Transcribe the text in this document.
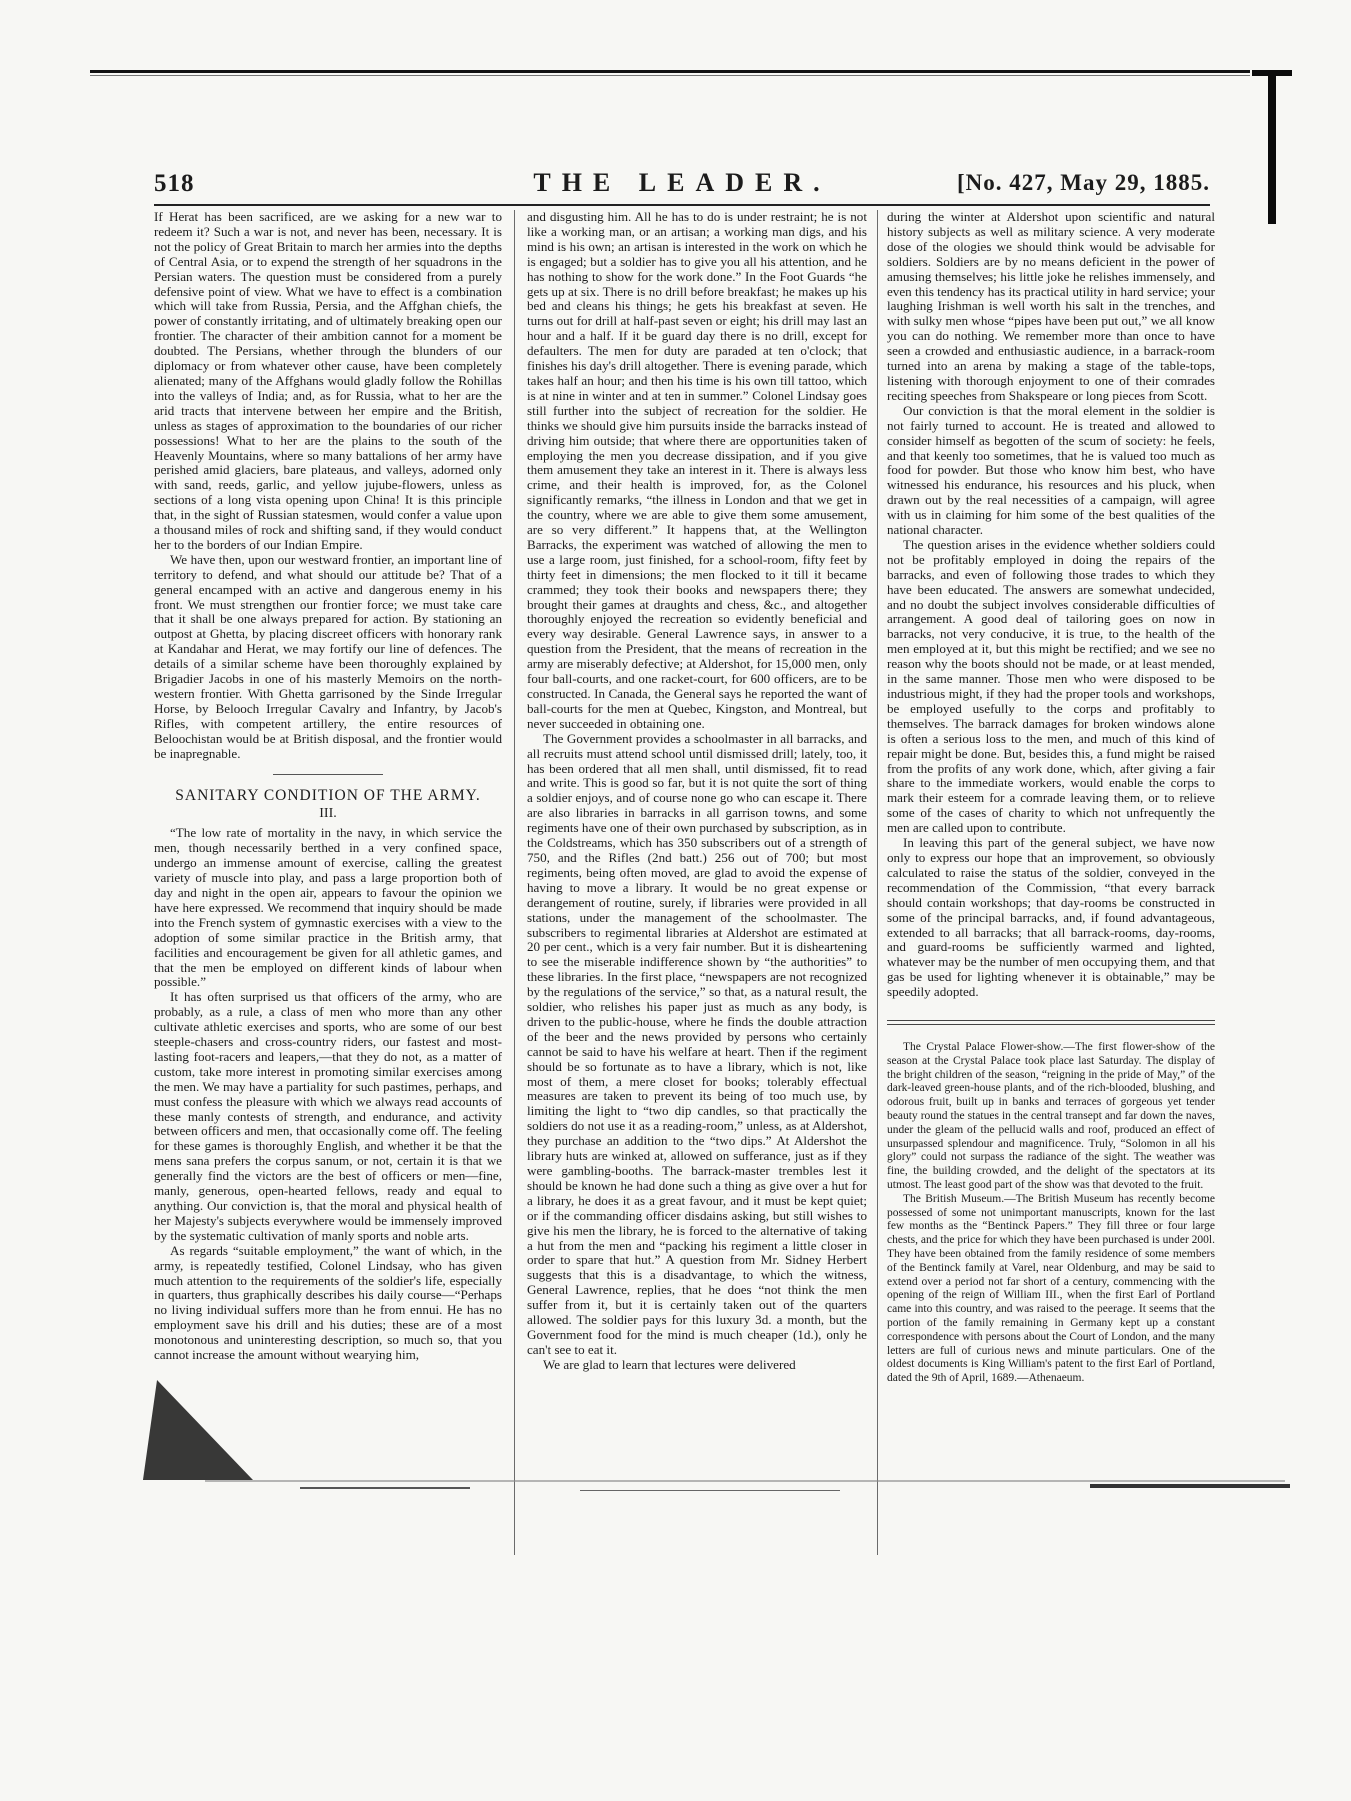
THE LEADER.
518	[No. 427, May 29, 1885.

If Herat has been sacrificed, are we asking for a new war to redeem it? Such a war is not, and never has been, necessary. It is not the policy of Great Britain to march her armies into the depths of Central Asia, or to expend the strength of her squadrons in the Persian waters. The question must be considered from a purely defensive point of view. What we have to effect is a combination which will take from Russia, Persia, and the Affghan chiefs, the power of constantly irritating, and of ultimately breaking open our frontier. The character of their ambition cannot for a moment be doubted. The Persians, whether through the blunders of our diplomacy or from whatever other cause, have been completely alienated; many of the Affghans would gladly follow the Rohillas into the valleys of India; and, as for Russia, what to her are the arid tracts that intervene between her empire and the British, unless as stages of approximation to the boundaries of our richer possessions! What to her are the plains to the south of the Heavenly Mountains, where so many battalions of her army have perished amid glaciers, bare plateaus, and valleys, adorned only with sand, reeds, garlic, and yellow jujube-flowers, unless as sections of a long vista opening upon China! It is this principle that, in the sight of Russian statesmen, would confer a value upon a thousand miles of rock and shifting sand, if they would conduct her to the borders of our Indian Empire.

We have then, upon our westward frontier, an important line of territory to defend, and what should our attitude be? That of a general encamped with an active and dangerous enemy in his front. We must strengthen our frontier force; we must take care that it shall be one always prepared for action. By stationing an outpost at Ghetta, by placing discreet officers with honorary rank at Kandahar and Herat, we may fortify our line of defences. The details of a similar scheme have been thoroughly explained by Brigadier Jacobs in one of his masterly Memoirs on the north-western frontier. With Ghetta garrisoned by the Sinde Irregular Horse, by Belooch Irregular Cavalry and Infantry, by Jacob's Rifles, with competent artillery, the entire resources of Beloochistan would be at British disposal, and the frontier would be inapregnable.

SANITARY CONDITION OF THE ARMY.
III.

“The low rate of mortality in the navy, in which service the men, though necessarily berthed in a very confined space, undergo an immense amount of exercise, calling the greatest variety of muscle into play, and pass a large proportion both of day and night in the open air, appears to favour the opinion we have here expressed. We recommend that inquiry should be made into the French system of gymnastic exercises with a view to the adoption of some similar practice in the British army, that facilities and encouragement be given for all athletic games, and that the men be employed on different kinds of labour when possible.”

It has often surprised us that officers of the army, who are probably, as a rule, a class of men who more than any other cultivate athletic exercises and sports, who are some of our best steeple-chasers and cross-country riders, our fastest and most-lasting foot-racers and leapers,—that they do not, as a matter of custom, take more interest in promoting similar exercises among the men. We may have a partiality for such pastimes, perhaps, and must confess the pleasure with which we always read accounts of these manly contests of strength, and endurance, and activity between officers and men, that occasionally come off. The feeling for these games is thoroughly English, and whether it be that the mens sana prefers the corpus sanum, or not, certain it is that we generally find the victors are the best of officers or men—fine, manly, generous, open-hearted fellows, ready and equal to anything. Our conviction is, that the moral and physical health of her Majesty's subjects everywhere would be immensely improved by the systematic cultivation of manly sports and noble arts.

As regards “suitable employment,” the want of which, in the army, is repeatedly testified, Colonel Lindsay, who has given much attention to the requirements of the soldier's life, especially in quarters, thus graphically describes his daily course—“Perhaps no living individual suffers more than he from ennui. He has no employment save his drill and his duties; these are of a most monotonous and uninteresting description, so much so, that you cannot increase the amount without wearying him,

and disgusting him. All he has to do is under restraint; he is not like a working man, or an artisan; a working man digs, and his mind is his own; an artisan is interested in the work on which he is engaged; but a soldier has to give you all his attention, and he has nothing to show for the work done.” In the Foot Guards “he gets up at six. There is no drill before breakfast; he makes up his bed and cleans his things; he gets his breakfast at seven. He turns out for drill at half-past seven or eight; his drill may last an hour and a half. If it be guard day there is no drill, except for defaulters. The men for duty are paraded at ten o'clock; that finishes his day's drill altogether. There is evening parade, which takes half an hour; and then his time is his own till tattoo, which is at nine in winter and at ten in summer.” Colonel Lindsay goes still further into the subject of recreation for the soldier. He thinks we should give him pursuits inside the barracks instead of driving him outside; that where there are opportunities taken of employing the men you decrease dissipation, and if you give them amusement they take an interest in it. There is always less crime, and their health is improved, for, as the Colonel significantly remarks, “the illness in London and that we get in the country, where we are able to give them some amusement, are so very different.” It happens that, at the Wellington Barracks, the experiment was watched of allowing the men to use a large room, just finished, for a school-room, fifty feet by thirty feet in dimensions; the men flocked to it till it became crammed; they took their books and newspapers there; they brought their games at draughts and chess, &c., and altogether thoroughly enjoyed the recreation so evidently beneficial and every way desirable. General Lawrence says, in answer to a question from the President, that the means of recreation in the army are miserably defective; at Aldershot, for 15,000 men, only four ball-courts, and one racket-court, for 600 officers, are to be constructed. In Canada, the General says he reported the want of ball-courts for the men at Quebec, Kingston, and Montreal, but never succeeded in obtaining one.

The Government provides a schoolmaster in all barracks, and all recruits must attend school until dismissed drill; lately, too, it has been ordered that all men shall, until dismissed, fit to read and write. This is good so far, but it is not quite the sort of thing a soldier enjoys, and of course none go who can escape it. There are also libraries in barracks in all garrison towns, and some regiments have one of their own purchased by subscription, as in the Coldstreams, which has 350 subscribers out of a strength of 750, and the Rifles (2nd batt.) 256 out of 700; but most regiments, being often moved, are glad to avoid the expense of having to move a library. It would be no great expense or derangement of routine, surely, if libraries were provided in all stations, under the management of the schoolmaster. The subscribers to regimental libraries at Aldershot are estimated at 20 per cent., which is a very fair number. But it is disheartening to see the miserable indifference shown by “the authorities” to these libraries. In the first place, “newspapers are not recognized by the regulations of the service,” so that, as a natural result, the soldier, who relishes his paper just as much as any body, is driven to the public-house, where he finds the double attraction of the beer and the news provided by persons who certainly cannot be said to have his welfare at heart. Then if the regiment should be so fortunate as to have a library, which is not, like most of them, a mere closet for books; tolerably effectual measures are taken to prevent its being of too much use, by limiting the light to “two dip candles, so that practically the soldiers do not use it as a reading-room,” unless, as at Aldershot, they purchase an addition to the “two dips.” At Aldershot the library huts are winked at, allowed on sufferance, just as if they were gambling-booths. The barrack-master trembles lest it should be known he had done such a thing as give over a hut for a library, he does it as a great favour, and it must be kept quiet; or if the commanding officer disdains asking, but still wishes to give his men the library, he is forced to the alternative of taking a hut from the men and “packing his regiment a little closer in order to spare that hut.” A question from Mr. Sidney Herbert suggests that this is a disadvantage, to which the witness, General Lawrence, replies, that he does “not think the men suffer from it, but it is certainly taken out of the quarters allowed. The soldier pays for this luxury 3d. a month, but the Government food for the mind is much cheaper (1d.), only he can't see to eat it.

We are glad to learn that lectures were delivered

during the winter at Aldershot upon scientific and natural history subjects as well as military science. A very moderate dose of the ologies we should think would be advisable for soldiers. Soldiers are by no means deficient in the power of amusing themselves; his little joke he relishes immensely, and even this tendency has its practical utility in hard service; your laughing Irishman is well worth his salt in the trenches, and with sulky men whose “pipes have been put out,” we all know you can do nothing. We remember more than once to have seen a crowded and enthusiastic audience, in a barrack-room turned into an arena by making a stage of the table-tops, listening with thorough enjoyment to one of their comrades reciting speeches from Shakspeare or long pieces from Scott.

Our conviction is that the moral element in the soldier is not fairly turned to account. He is treated and allowed to consider himself as begotten of the scum of society: he feels, and that keenly too sometimes, that he is valued too much as food for powder. But those who know him best, who have witnessed his endurance, his resources and his pluck, when drawn out by the real necessities of a campaign, will agree with us in claiming for him some of the best qualities of the national character.

The question arises in the evidence whether soldiers could not be profitably employed in doing the repairs of the barracks, and even of following those trades to which they have been educated. The answers are somewhat undecided, and no doubt the subject involves considerable difficulties of arrangement. A good deal of tailoring goes on now in barracks, not very conducive, it is true, to the health of the men employed at it, but this might be rectified; and we see no reason why the boots should not be made, or at least mended, in the same manner. Those men who were disposed to be industrious might, if they had the proper tools and workshops, be employed usefully to the corps and profitably to themselves. The barrack damages for broken windows alone is often a serious loss to the men, and much of this kind of repair might be done. But, besides this, a fund might be raised from the profits of any work done, which, after giving a fair share to the immediate workers, would enable the corps to mark their esteem for a comrade leaving them, or to relieve some of the cases of charity to which not unfrequently the men are called upon to contribute.

In leaving this part of the general subject, we have now only to express our hope that an improvement, so obviously calculated to raise the status of the soldier, conveyed in the recommendation of the Commission, “that every barrack should contain workshops; that day-rooms be constructed in some of the principal barracks, and, if found advantageous, extended to all barracks; that all barrack-rooms, day-rooms, and guard-rooms be sufficiently warmed and lighted, whatever may be the number of men occupying them, and that gas be used for lighting whenever it is obtainable,” may be speedily adopted.

The Crystal Palace Flower-show.—The first flower-show of the season at the Crystal Palace took place last Saturday. The display of the bright children of the season, “reigning in the pride of May,” of the dark-leaved green-house plants, and of the rich-blooded, blushing, and odorous fruit, built up in banks and terraces of gorgeous yet tender beauty round the statues in the central transept and far down the naves, under the gleam of the pellucid walls and roof, produced an effect of unsurpassed splendour and magnificence. Truly, “Solomon in all his glory” could not surpass the radiance of the sight. The weather was fine, the building crowded, and the delight of the spectators at its utmost. The least good part of the show was that devoted to the fruit.

The British Museum.—The British Museum has recently become possessed of some not unimportant manuscripts, known for the last few months as the “Bentinck Papers.” They fill three or four large chests, and the price for which they have been purchased is under 200l. They have been obtained from the family residence of some members of the Bentinck family at Varel, near Oldenburg, and may be said to extend over a period not far short of a century, commencing with the opening of the reign of William III., when the first Earl of Portland came into this country, and was raised to the peerage. It seems that the portion of the family remaining in Germany kept up a constant correspondence with persons about the Court of London, and the many letters are full of curious news and minute particulars. One of the oldest documents is King William's patent to the first Earl of Portland, dated the 9th of April, 1689.—Athenaeum.
